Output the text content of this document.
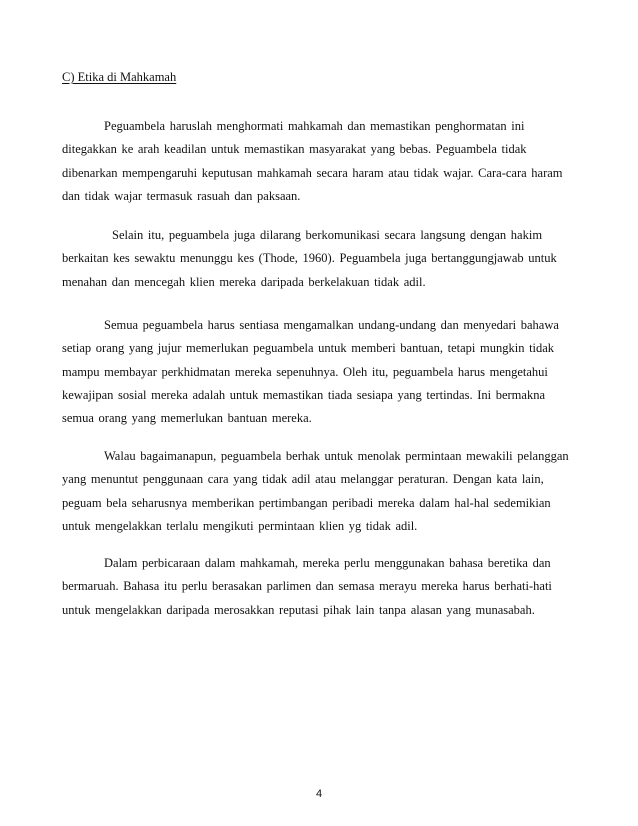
C) Etika di Mahkamah
Peguambela haruslah menghormati mahkamah dan memastikan penghormatan ini
ditegakkan ke arah keadilan untuk memastikan masyarakat yang bebas. Peguambela tidak
dibenarkan mempengaruhi keputusan mahkamah secara haram atau tidak wajar. Cara-cara haram
dan tidak wajar termasuk rasuah dan paksaan.
Selain itu, peguambela juga dilarang berkomunikasi secara langsung dengan hakim
berkaitan kes sewaktu menunggu kes (Thode, 1960). Peguambela juga bertanggungjawab untuk
menahan dan mencegah klien mereka daripada berkelakuan tidak adil.
Semua peguambela harus sentiasa mengamalkan undang-undang dan menyedari bahawa
setiap orang yang jujur memerlukan peguambela untuk memberi bantuan, tetapi mungkin tidak
mampu membayar perkhidmatan mereka sepenuhnya. Oleh itu, peguambela harus mengetahui
kewajipan sosial mereka adalah untuk memastikan tiada sesiapa yang tertindas. Ini bermakna
semua orang yang memerlukan bantuan mereka.
Walau bagaimanapun, peguambela berhak untuk menolak permintaan mewakili pelanggan
yang menuntut penggunaan cara yang tidak adil atau melanggar peraturan. Dengan kata lain,
peguam bela seharusnya memberikan pertimbangan peribadi mereka dalam hal-hal sedemikian
untuk mengelakkan terlalu mengikuti permintaan klien yg tidak adil.
Dalam perbicaraan dalam mahkamah, mereka perlu menggunakan bahasa beretika dan
bermaruah. Bahasa itu perlu berasakan parlimen dan semasa merayu mereka harus berhati-hati
untuk mengelakkan daripada merosakkan reputasi pihak lain tanpa alasan yang munasabah.
4
